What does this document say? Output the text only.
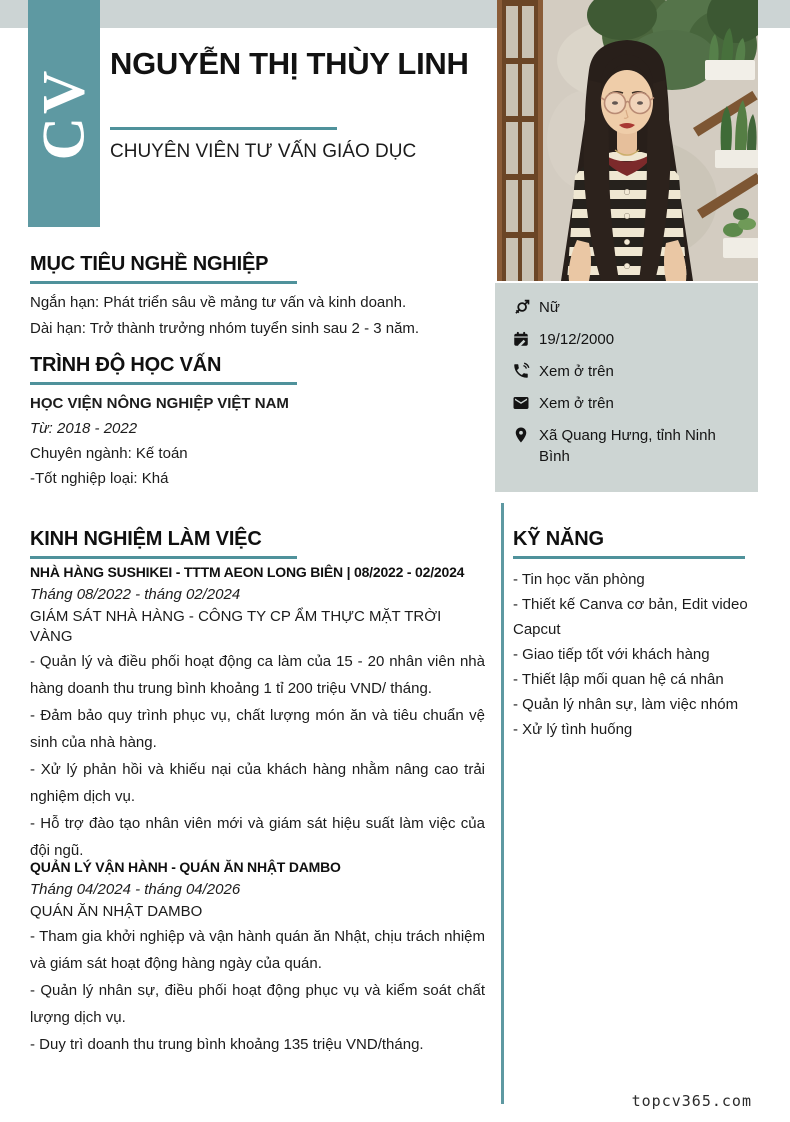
CV
NGUYỄN THỊ THÙY LINH
CHUYÊN VIÊN TƯ VẤN GIÁO DỤC
Nữ
19/12/2000
Xem ở trên
Xem ở trên
Xã Quang Hưng, tỉnh Ninh Bình
MỤC TIÊU NGHỀ NGHIỆP

Ngắn hạn: Phát triển sâu về mảng tư vấn và kinh doanh.

Dài hạn: Trở thành trưởng nhóm tuyển sinh sau 2 - 3 năm.

TRÌNH ĐỘ HỌC VẤN
HỌC VIỆN NÔNG NGHIỆP VIỆT NAM
Từ: 2018 - 2022
Chuyên ngành: Kế toán
-Tốt nghiệp loại: Khá
KINH NGHIỆM LÀM VIỆC

NHÀ HÀNG SUSHIKEI - TTTM AEON LONG BIÊN | 08/2022 - 02/2024

Tháng 08/2022 - tháng 02/2024

GIÁM SÁT NHÀ HÀNG - CÔNG TY CP ẨM THỰC MẶT TRỜI VÀNG

- Quản lý và điều phối hoạt động ca làm của 15 - 20 nhân viên nhà hàng doanh thu trung bình khoảng 1 tỉ 200 triệu VND/ tháng.

- Đảm bảo quy trình phục vụ, chất lượng món ăn và tiêu chuẩn vệ sinh của nhà hàng.

- Xử lý phản hồi và khiếu nại của khách hàng nhằm nâng cao trải nghiệm dịch vụ.

- Hỗ trợ đào tạo nhân viên mới và giám sát hiệu suất làm việc của đội ngũ.

QUẢN LÝ VẬN HÀNH - QUÁN ĂN NHẬT DAMBO

Tháng 04/2024 - tháng 04/2026

QUÁN ĂN NHẬT DAMBO

- Tham gia khởi nghiệp và vận hành quán ăn Nhật, chịu trách nhiệm và giám sát hoạt động hàng ngày của quán.

- Quản lý nhân sự, điều phối hoạt động phục vụ và kiểm soát chất lượng dịch vụ.

- Duy trì doanh thu trung bình khoảng 135 triệu VND/tháng.

KỸ NĂNG
- Tin học văn phòng
- Thiết kế Canva cơ bản, Edit video Capcut
- Giao tiếp tốt với khách hàng
- Thiết lập mối quan hệ cá nhân
- Quản lý nhân sự, làm việc nhóm
- Xử lý tình huống
topcv365.com
